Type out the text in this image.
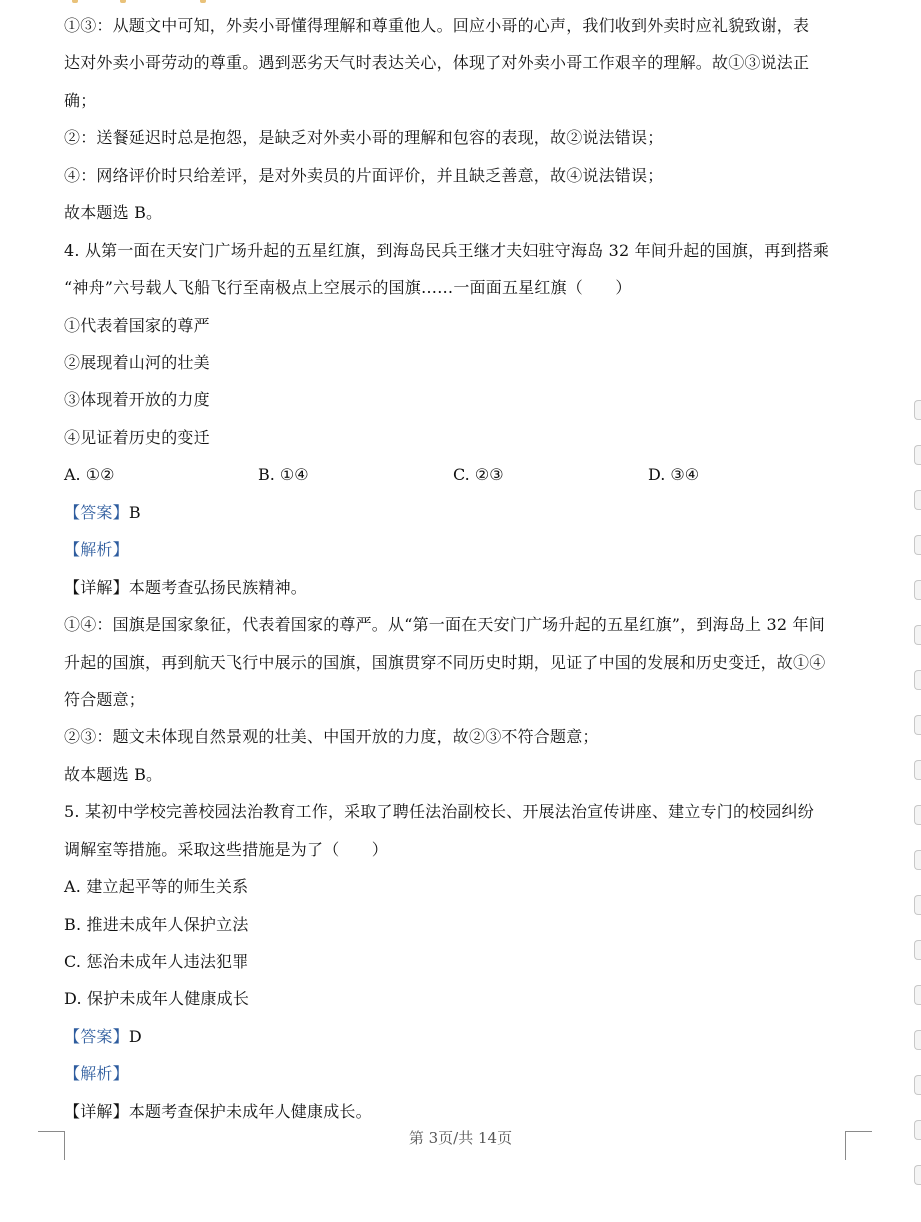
①③：从题文中可知，外卖小哥懂得理解和尊重他人。回应小哥的心声，我们收到外卖时应礼貌致谢，表
达对外卖小哥劳动的尊重。遇到恶劣天气时表达关心，体现了对外卖小哥工作艰辛的理解。故①③说法正
确；
②：送餐延迟时总是抱怨，是缺乏对外卖小哥的理解和包容的表现，故②说法错误；
④：网络评价时只给差评，是对外卖员的片面评价，并且缺乏善意，故④说法错误；
故本题选 B。
4. 从第一面在天安门广场升起的五星红旗，到海岛民兵王继才夫妇驻守海岛 32 年间升起的国旗，再到搭乘
“神舟”六号载人飞船飞行至南极点上空展示的国旗……一面面五星红旗（　　）
①代表着国家的尊严
②展现着山河的壮美
③体现着开放的力度
④见证着历史的变迁
A. ①②	B. ①④	C. ②③	D. ③④
【答案】B
【解析】
【详解】本题考查弘扬民族精神。
①④：国旗是国家象征，代表着国家的尊严。从“第一面在天安门广场升起的五星红旗”，到海岛上 32 年间
升起的国旗，再到航天飞行中展示的国旗，国旗贯穿不同历史时期，见证了中国的发展和历史变迁，故①④
符合题意；
②③：题文未体现自然景观的壮美、中国开放的力度，故②③不符合题意；
故本题选 B。
5. 某初中学校完善校园法治教育工作，采取了聘任法治副校长、开展法治宣传讲座、建立专门的校园纠纷
调解室等措施。采取这些措施是为了（　　）
A. 建立起平等的师生关系
B. 推进未成年人保护立法
C. 惩治未成年人违法犯罪
D. 保护未成年人健康成长
【答案】D
【解析】
【详解】本题考查保护未成年人健康成长。
第 3页/共 14页
